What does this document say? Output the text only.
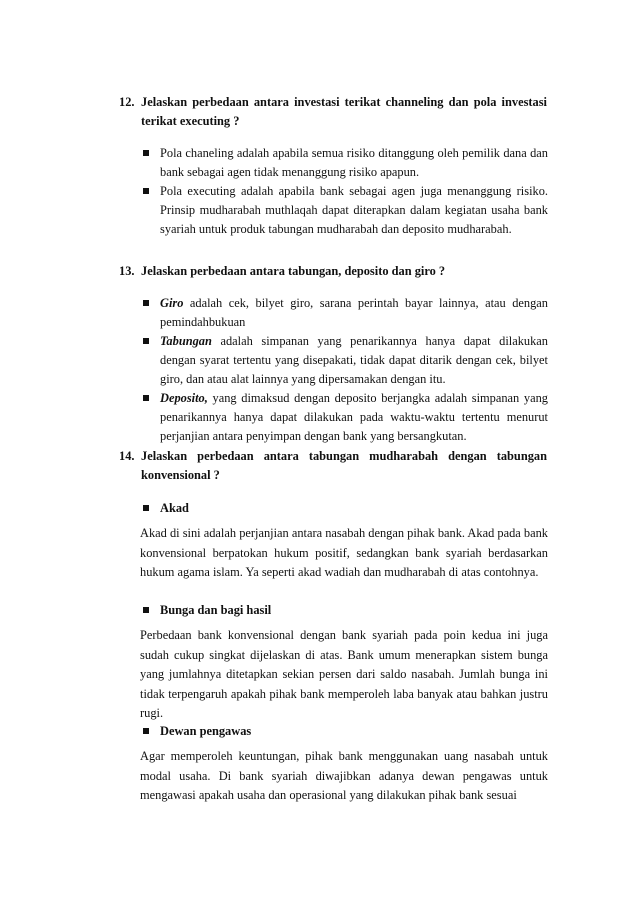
12. Jelaskan perbedaan antara investasi terikat channeling dan pola investasi terikat executing ?
Pola chaneling adalah apabila semua risiko ditanggung oleh pemilik dana dan bank sebagai agen tidak menanggung risiko apapun.
Pola executing adalah apabila bank sebagai agen juga menanggung risiko. Prinsip mudharabah muthlaqah dapat diterapkan dalam kegiatan usaha bank syariah untuk produk tabungan mudharabah dan deposito mudharabah.
13. Jelaskan perbedaan antara tabungan, deposito dan giro ?
Giro adalah cek, bilyet giro, sarana perintah bayar lainnya, atau dengan pemindahbukuan
Tabungan adalah simpanan yang penarikannya hanya dapat dilakukan dengan syarat tertentu yang disepakati, tidak dapat ditarik dengan cek, bilyet giro, dan atau alat lainnya yang dipersamakan dengan itu.
Deposito, yang dimaksud dengan deposito berjangka adalah simpanan yang penarikannya hanya dapat dilakukan pada waktu-waktu tertentu menurut perjanjian antara penyimpan dengan bank yang bersangkutan.
14. Jelaskan perbedaan antara tabungan mudharabah dengan tabungan konvensional ?
Akad
Akad di sini adalah perjanjian antara nasabah dengan pihak bank. Akad pada bank konvensional berpatokan hukum positif, sedangkan bank syariah berdasarkan hukum agama islam. Ya seperti akad wadiah dan mudharabah di atas contohnya.
Bunga dan bagi hasil
Perbedaan bank konvensional dengan bank syariah pada poin kedua ini juga sudah cukup singkat dijelaskan di atas. Bank umum menerapkan sistem bunga yang jumlahnya ditetapkan sekian persen dari saldo nasabah. Jumlah bunga ini tidak terpengaruh apakah pihak bank memperoleh laba banyak atau bahkan justru rugi.
Dewan pengawas
Agar memperoleh keuntungan, pihak bank menggunakan uang nasabah untuk modal usaha. Di bank syariah diwajibkan adanya dewan pengawas untuk mengawasi apakah usaha dan operasional yang dilakukan pihak bank sesuai
